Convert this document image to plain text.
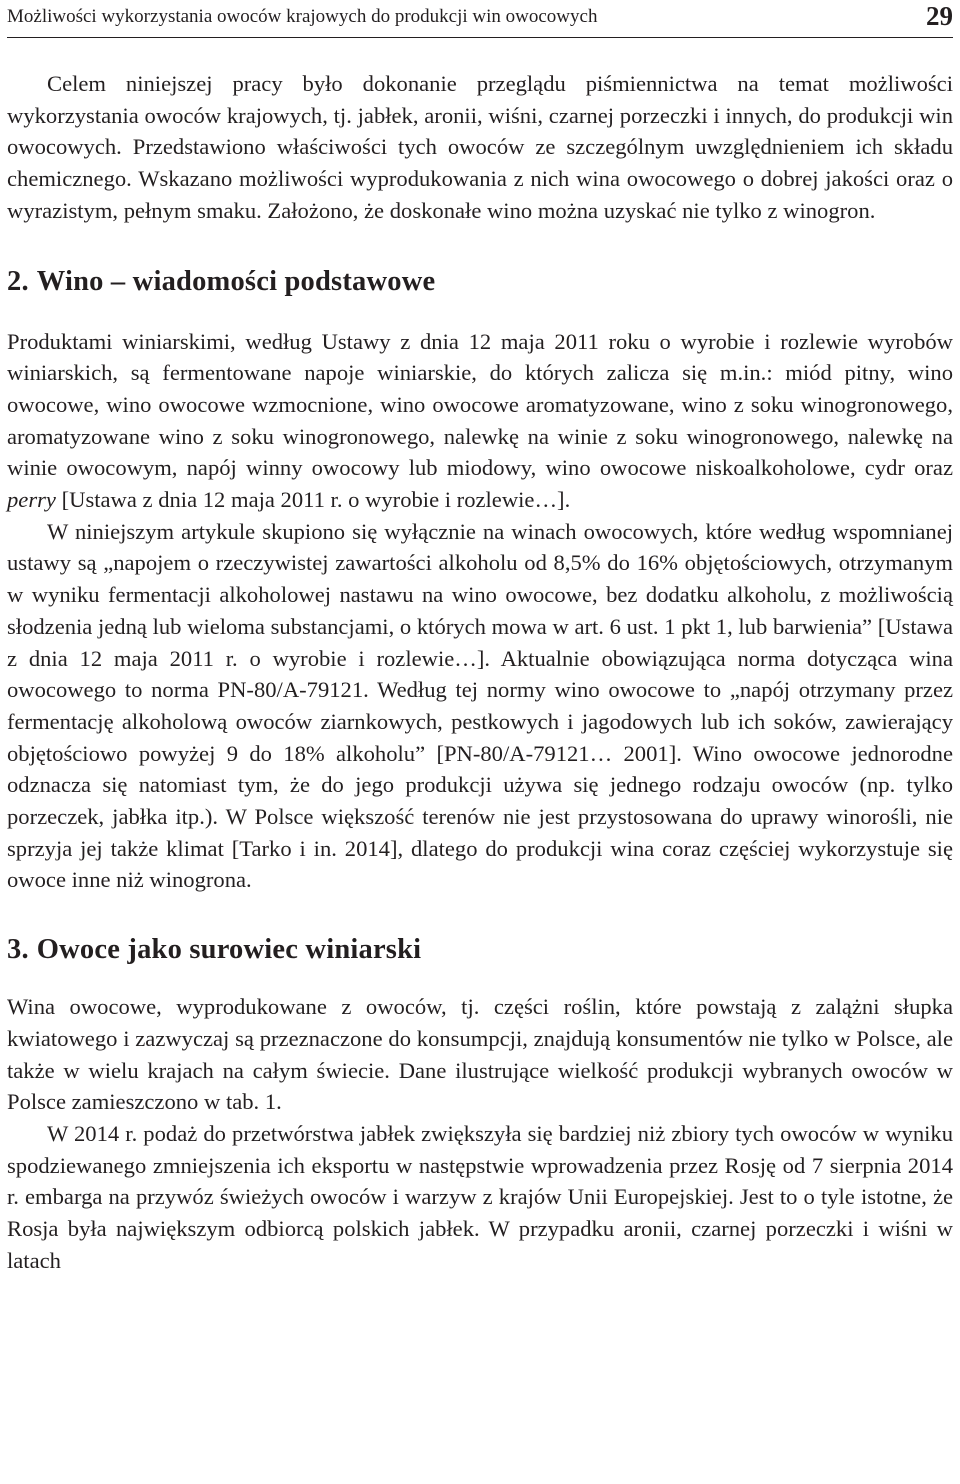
Możliwości wykorzystania owoców krajowych do produkcji win owocowych	29

Celem niniejszej pracy było dokonanie przeglądu piśmiennictwa na temat możliwości wykorzystania owoców krajowych, tj. jabłek, aronii, wiśni, czarnej porzeczki i innych, do produkcji win owocowych. Przedstawiono właściwości tych owoców ze szczególnym uwzględnieniem ich składu chemicznego. Wskazano możliwości wyprodukowania z nich wina owocowego o dobrej jakości oraz o wyrazistym, pełnym smaku. Założono, że doskonałe wino można uzyskać nie tylko z winogron.

2. Wino – wiadomości podstawowe

Produktami winiarskimi, według Ustawy z dnia 12 maja 2011 roku o wyrobie i rozlewie wyrobów winiarskich, są fermentowane napoje winiarskie, do których zalicza się m.in.: miód pitny, wino owocowe, wino owocowe wzmocnione, wino owocowe aromatyzowane, wino z soku winogronowego, aromatyzowane wino z soku winogronowego, nalewkę na winie z soku winogronowego, nalewkę na winie owocowym, napój winny owocowy lub miodowy, wino owocowe niskoalkoholowe, cydr oraz perry [Ustawa z dnia 12 maja 2011 r. o wyrobie i rozlewie…].

W niniejszym artykule skupiono się wyłącznie na winach owocowych, które według wspomnianej ustawy są „napojem o rzeczywistej zawartości alkoholu od 8,5% do 16% objętościowych, otrzymanym w wyniku fermentacji alkoholowej nastawu na wino owocowe, bez dodatku alkoholu, z możliwością słodzenia jedną lub wieloma substancjami, o których mowa w art. 6 ust. 1 pkt 1, lub barwienia” [Ustawa z dnia 12 maja 2011 r. o wyrobie i rozlewie…]. Aktualnie obowiązująca norma dotycząca wina owocowego to norma PN-80/A-79121. Według tej normy wino owocowe to „napój otrzymany przez fermentację alkoholową owoców ziarnkowych, pestkowych i jagodowych lub ich soków, zawierający objętościowo powyżej 9 do 18% alkoholu” [PN-80/A-79121… 2001]. Wino owocowe jednorodne odznacza się natomiast tym, że do jego produkcji używa się jednego rodzaju owoców (np. tylko porzeczek, jabłka itp.). W Polsce większość terenów nie jest przystosowana do uprawy winorośli, nie sprzyja jej także klimat [Tarko i in. 2014], dlatego do produkcji wina coraz częściej wykorzystuje się owoce inne niż winogrona.

3. Owoce jako surowiec winiarski

Wina owocowe, wyprodukowane z owoców, tj. części roślin, które powstają z zalążni słupka kwiatowego i zazwyczaj są przeznaczone do konsumpcji, znajdują konsumentów nie tylko w Polsce, ale także w wielu krajach na całym świecie. Dane ilustrujące wielkość produkcji wybranych owoców w Polsce zamieszczono w tab. 1.

W 2014 r. podaż do przetwórstwa jabłek zwiększyła się bardziej niż zbiory tych owoców w wyniku spodziewanego zmniejszenia ich eksportu w następstwie wprowadzenia przez Rosję od 7 sierpnia 2014 r. embarga na przywóz świeżych owoców i warzyw z krajów Unii Europejskiej. Jest to o tyle istotne, że Rosja była największym odbiorcą polskich jabłek. W przypadku aronii, czarnej porzeczki i wiśni w latach
